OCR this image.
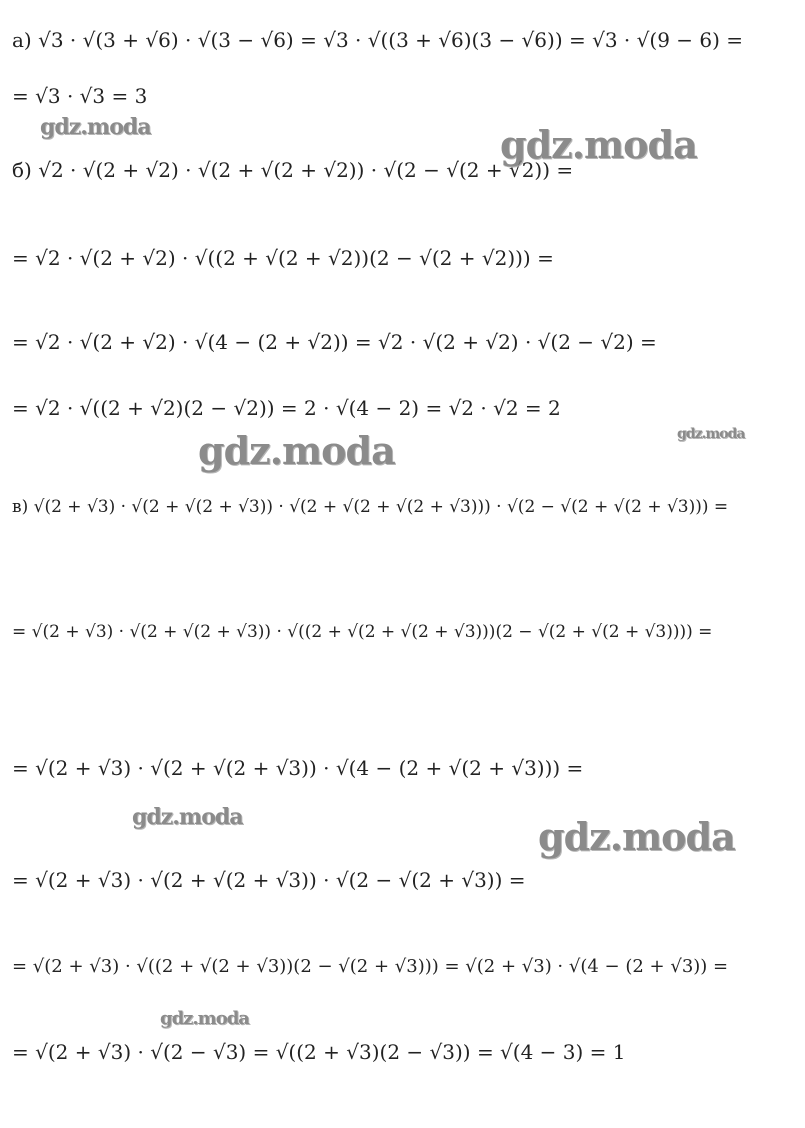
а) √3 · √(3 + √6) · √(3 − √6) = √3 · √((3 + √6)(3 − √6)) = √3 · √(9 − 6) =
= √3 · √3 = 3
б) √2 · √(2 + √2) · √(2 + √(2 + √2)) · √(2 − √(2 + √2)) =
= √2 · √(2 + √2) · √((2 + √(2 + √2))(2 − √(2 + √2))) =
= √2 · √(2 + √2) · √(4 − (2 + √2)) = √2 · √(2 + √2) · √(2 − √2) =
= √2 · √((2 + √2)(2 − √2)) = 2 · √(4 − 2) = √2 · √2 = 2
в) √(2 + √3) · √(2 + √(2 + √3)) · √(2 + √(2 + √(2 + √3))) · √(2 − √(2 + √(2 + √3))) =
= √(2 + √3) · √(2 + √(2 + √3)) · √((2 + √(2 + √(2 + √3)))(2 − √(2 + √(2 + √3)))) =
= √(2 + √3) · √(2 + √(2 + √3)) · √(4 − (2 + √(2 + √3))) =
= √(2 + √3) · √(2 + √(2 + √3)) · √(2 − √(2 + √3)) =
= √(2 + √3) · √((2 + √(2 + √3))(2 − √(2 + √3))) = √(2 + √3) · √(4 − (2 + √3)) =
= √(2 + √3) · √(2 − √3) = √((2 + √3)(2 − √3)) = √(4 − 3) = 1
gdz.moda	gdz.moda
gdz.moda	gdz.moda
gdz.moda	gdz.moda
gdz.moda
